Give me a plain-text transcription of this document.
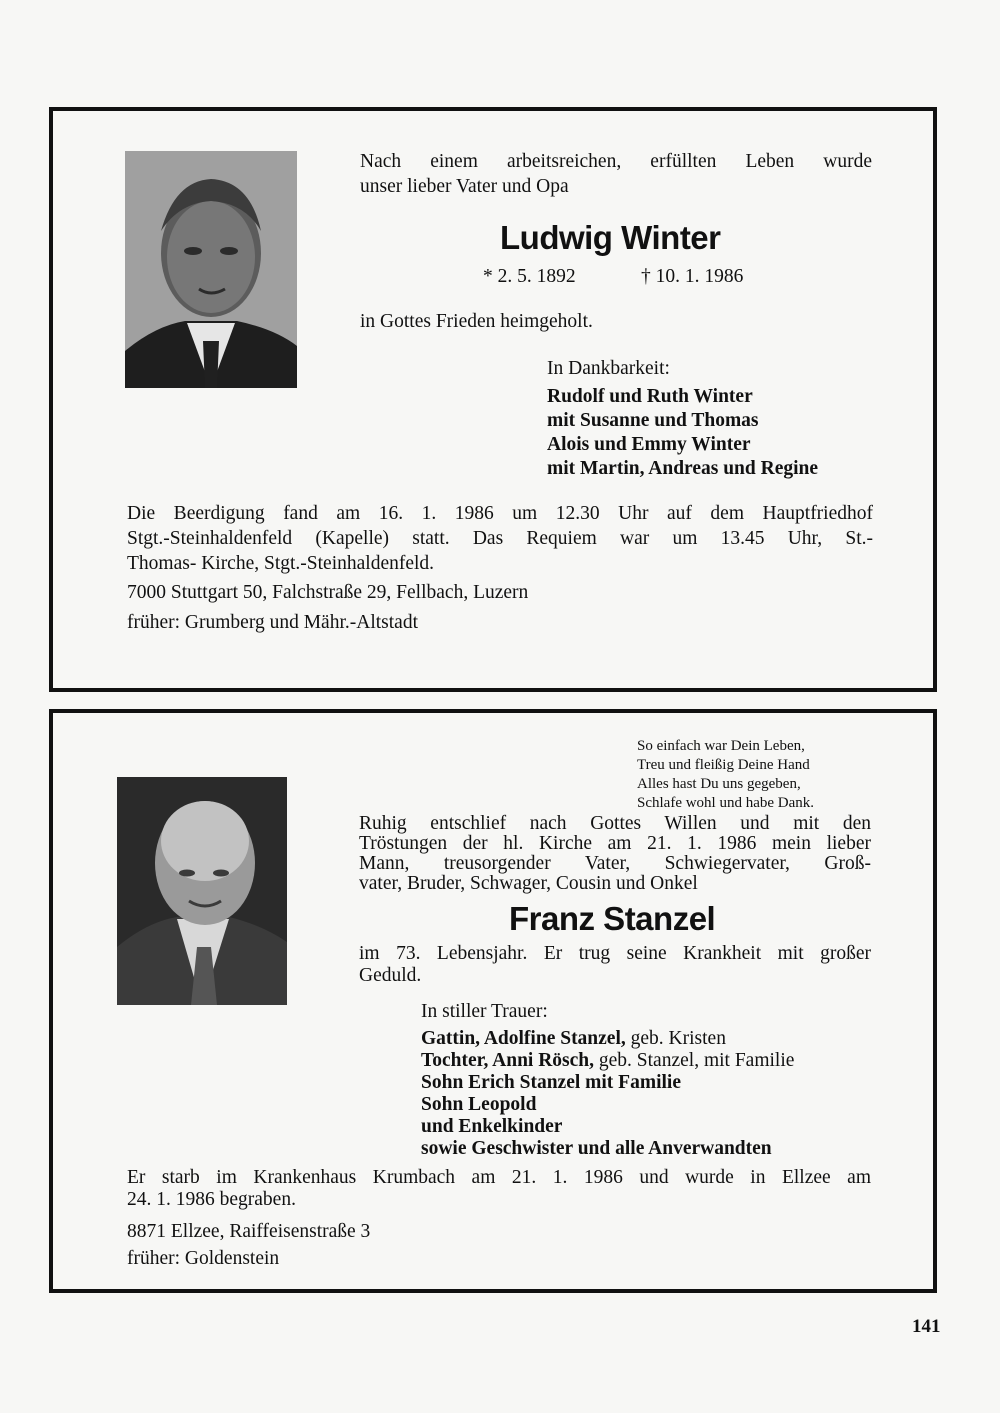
Nach einem arbeitsreichen, erfüllten Leben wurde
unser lieber Vater und Opa
Ludwig Winter
* 2. 5. 1892	† 10. 1. 1986
in Gottes Frieden heimgeholt.
In Dankbarkeit:
Rudolf und Ruth Winter
mit Susanne und Thomas
Alois und Emmy Winter
mit Martin, Andreas und Regine
Die Beerdigung fand am 16. 1. 1986 um 12.30 Uhr auf dem Hauptfriedhof
Stgt.-Steinhaldenfeld (Kapelle) statt. Das Requiem war um 13.45 Uhr, St.-
Thomas- Kirche, Stgt.-Steinhaldenfeld.
7000 Stuttgart 50, Falchstraße 29, Fellbach, Luzern
früher: Grumberg und Mähr.-Altstadt
So einfach war Dein Leben,
Treu und fleißig Deine Hand
Alles hast Du uns gegeben,
Schlafe wohl und habe Dank.
Ruhig entschlief nach Gottes Willen und mit den
Tröstungen der hl. Kirche am 21. 1. 1986 mein lieber
Mann, treusorgender Vater, Schwiegervater, Groß-
vater, Bruder, Schwager, Cousin und Onkel
Franz Stanzel
im 73. Lebensjahr. Er trug seine Krankheit mit großer
Geduld.
In stiller Trauer:
Gattin, Adolfine Stanzel, geb. Kristen
Tochter, Anni Rösch, geb. Stanzel, mit Familie
Sohn Erich Stanzel mit Familie
Sohn Leopold
und Enkelkinder
sowie Geschwister und alle Anverwandten
Er starb im Krankenhaus Krumbach am 21. 1. 1986 und wurde in Ellzee am
24. 1. 1986 begraben.
8871 Ellzee, Raiffeisenstraße 3
früher: Goldenstein
141
